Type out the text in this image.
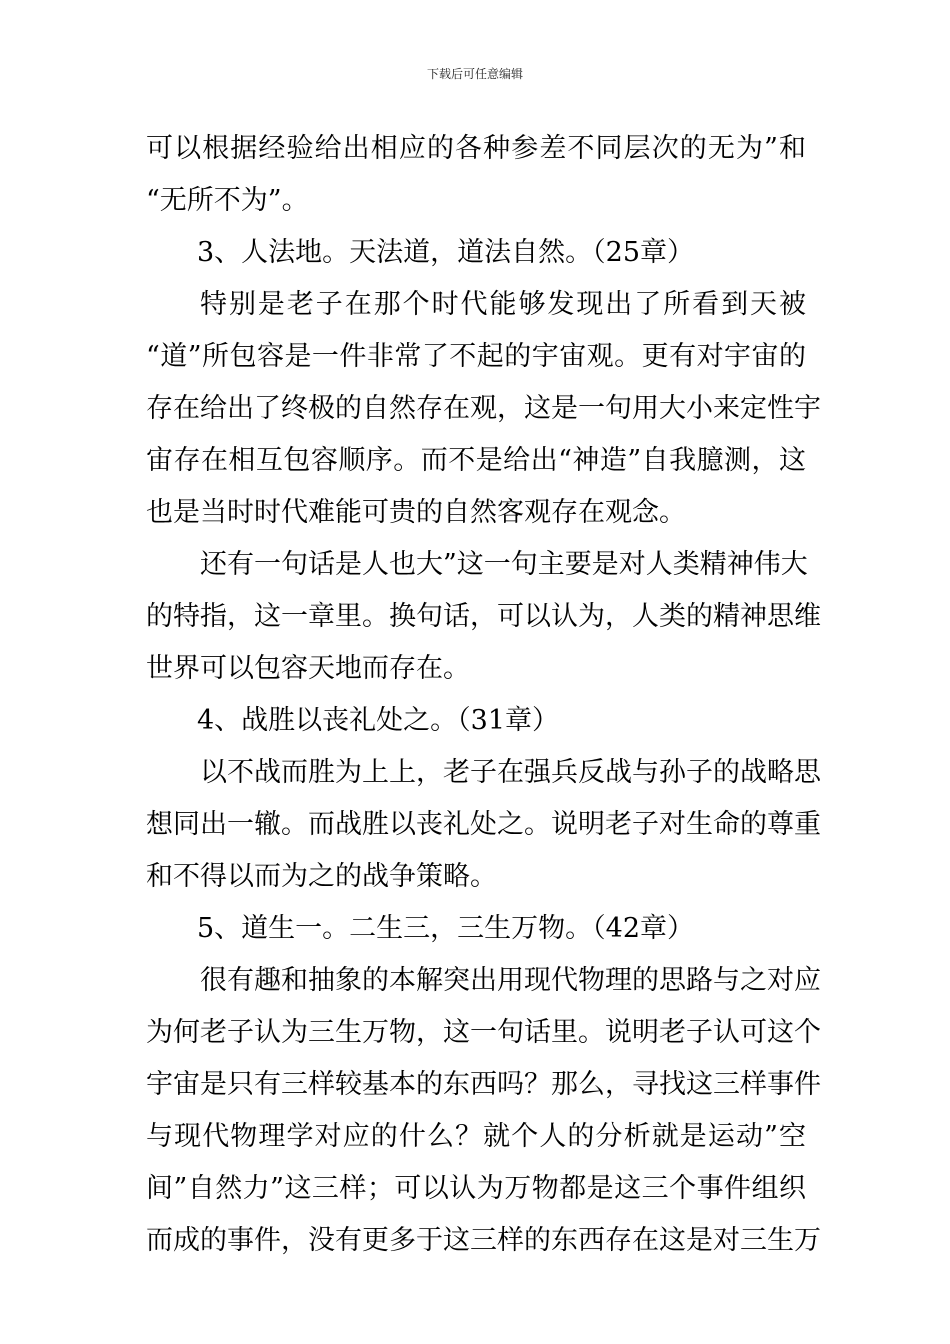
下载后可任意编辑
可以根据经验给出相应的各种参差不同层次的无为”和
“无所不为”。
3、人法地。天法道，道法自然。（25章）
特别是老子在那个时代能够发现出了所看到天被
“道”所包容是一件非常了不起的宇宙观。更有对宇宙的
存在给出了终极的自然存在观，这是一句用大小来定性宇
宙存在相互包容顺序。而不是给出“神造”自我臆测，这
也是当时时代难能可贵的自然客观存在观念。
还有一句话是人也大”这一句主要是对人类精神伟大
的特指，这一章里。换句话，可以认为，人类的精神思维
世界可以包容天地而存在。
4、战胜以丧礼处之。（31章）
以不战而胜为上上，老子在强兵反战与孙子的战略思
想同出一辙。而战胜以丧礼处之。说明老子对生命的尊重
和不得以而为之的战争策略。
5、道生一。二生三，三生万物。（42章）
很有趣和抽象的本解突出用现代物理的思路与之对应
为何老子认为三生万物，这一句话里。说明老子认可这个
宇宙是只有三样较基本的东西吗？那么，寻找这三样事件
与现代物理学对应的什么？就个人的分析就是运动”空
间”自然力”这三样；可以认为万物都是这三个事件组织
而成的事件，没有更多于这三样的东西存在这是对三生万
